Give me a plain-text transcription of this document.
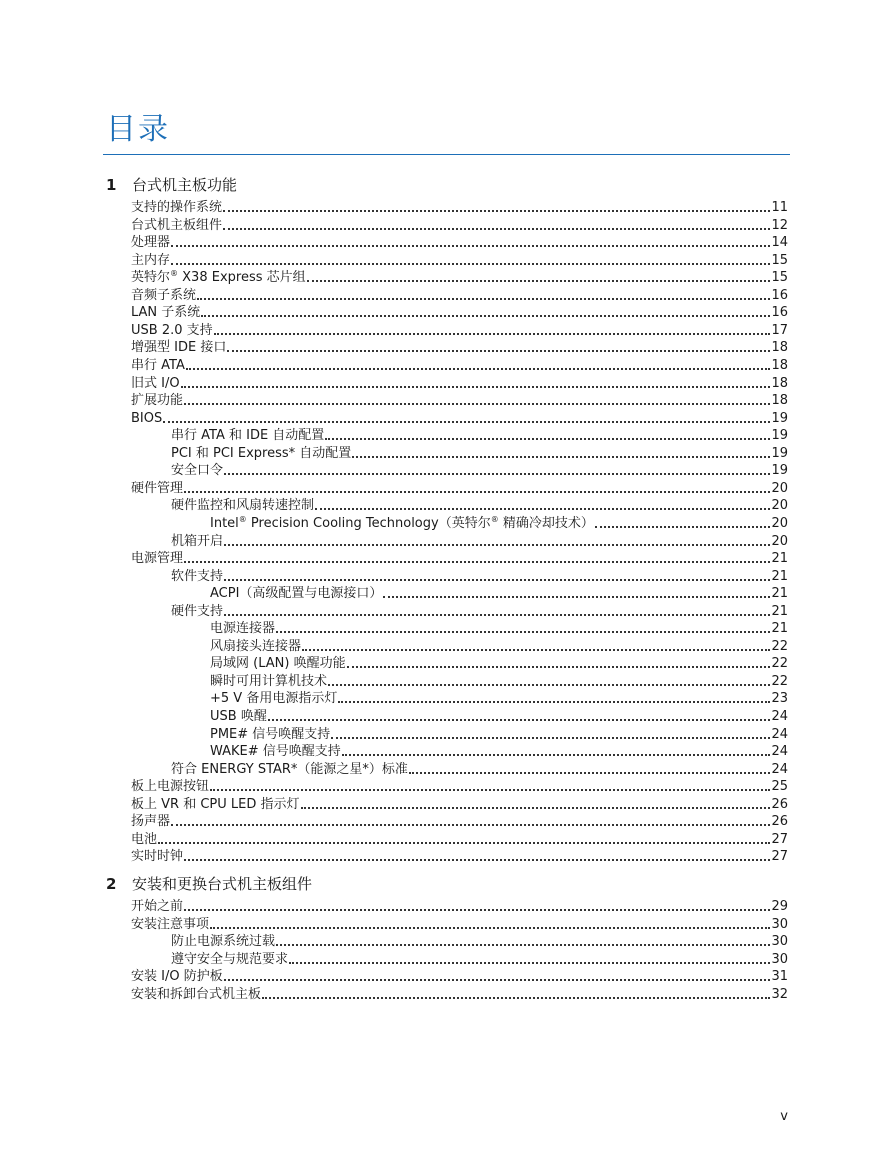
目录
1 台式机主板功能
2 安装和更换台式机主板组件
支持的操作系统	11
台式机主板组件	12
处理器	14
主内存	15
英特尔® X38 Express 芯片组	15
音频子系统	16
LAN 子系统	16
USB 2.0 支持	17
增强型 IDE 接口	18
串行 ATA	18
旧式 I/O	18
扩展功能	18
BIOS	19
串行 ATA 和 IDE 自动配置	19
PCI 和 PCI Express* 自动配置	19
安全口令	19
硬件管理	20
硬件监控和风扇转速控制	20
Intel® Precision Cooling Technology（英特尔® 精确冷却技术）	20
机箱开启	20
电源管理	21
软件支持	21
ACPI（高级配置与电源接口）	21
硬件支持	21
电源连接器	21
风扇接头连接器	22
局域网 (LAN) 唤醒功能	22
瞬时可用计算机技术	22
+5 V 备用电源指示灯	23
USB 唤醒	24
PME# 信号唤醒支持	24
WAKE# 信号唤醒支持	24
符合 ENERGY STAR*（能源之星*）标准	24
板上电源按钮	25
板上 VR 和 CPU LED 指示灯	26
扬声器	26
电池	27
实时时钟	27
开始之前	29
安装注意事项	30
防止电源系统过载	30
遵守安全与规范要求	30
安装 I/O 防护板	31
安装和拆卸台式机主板	32
v
